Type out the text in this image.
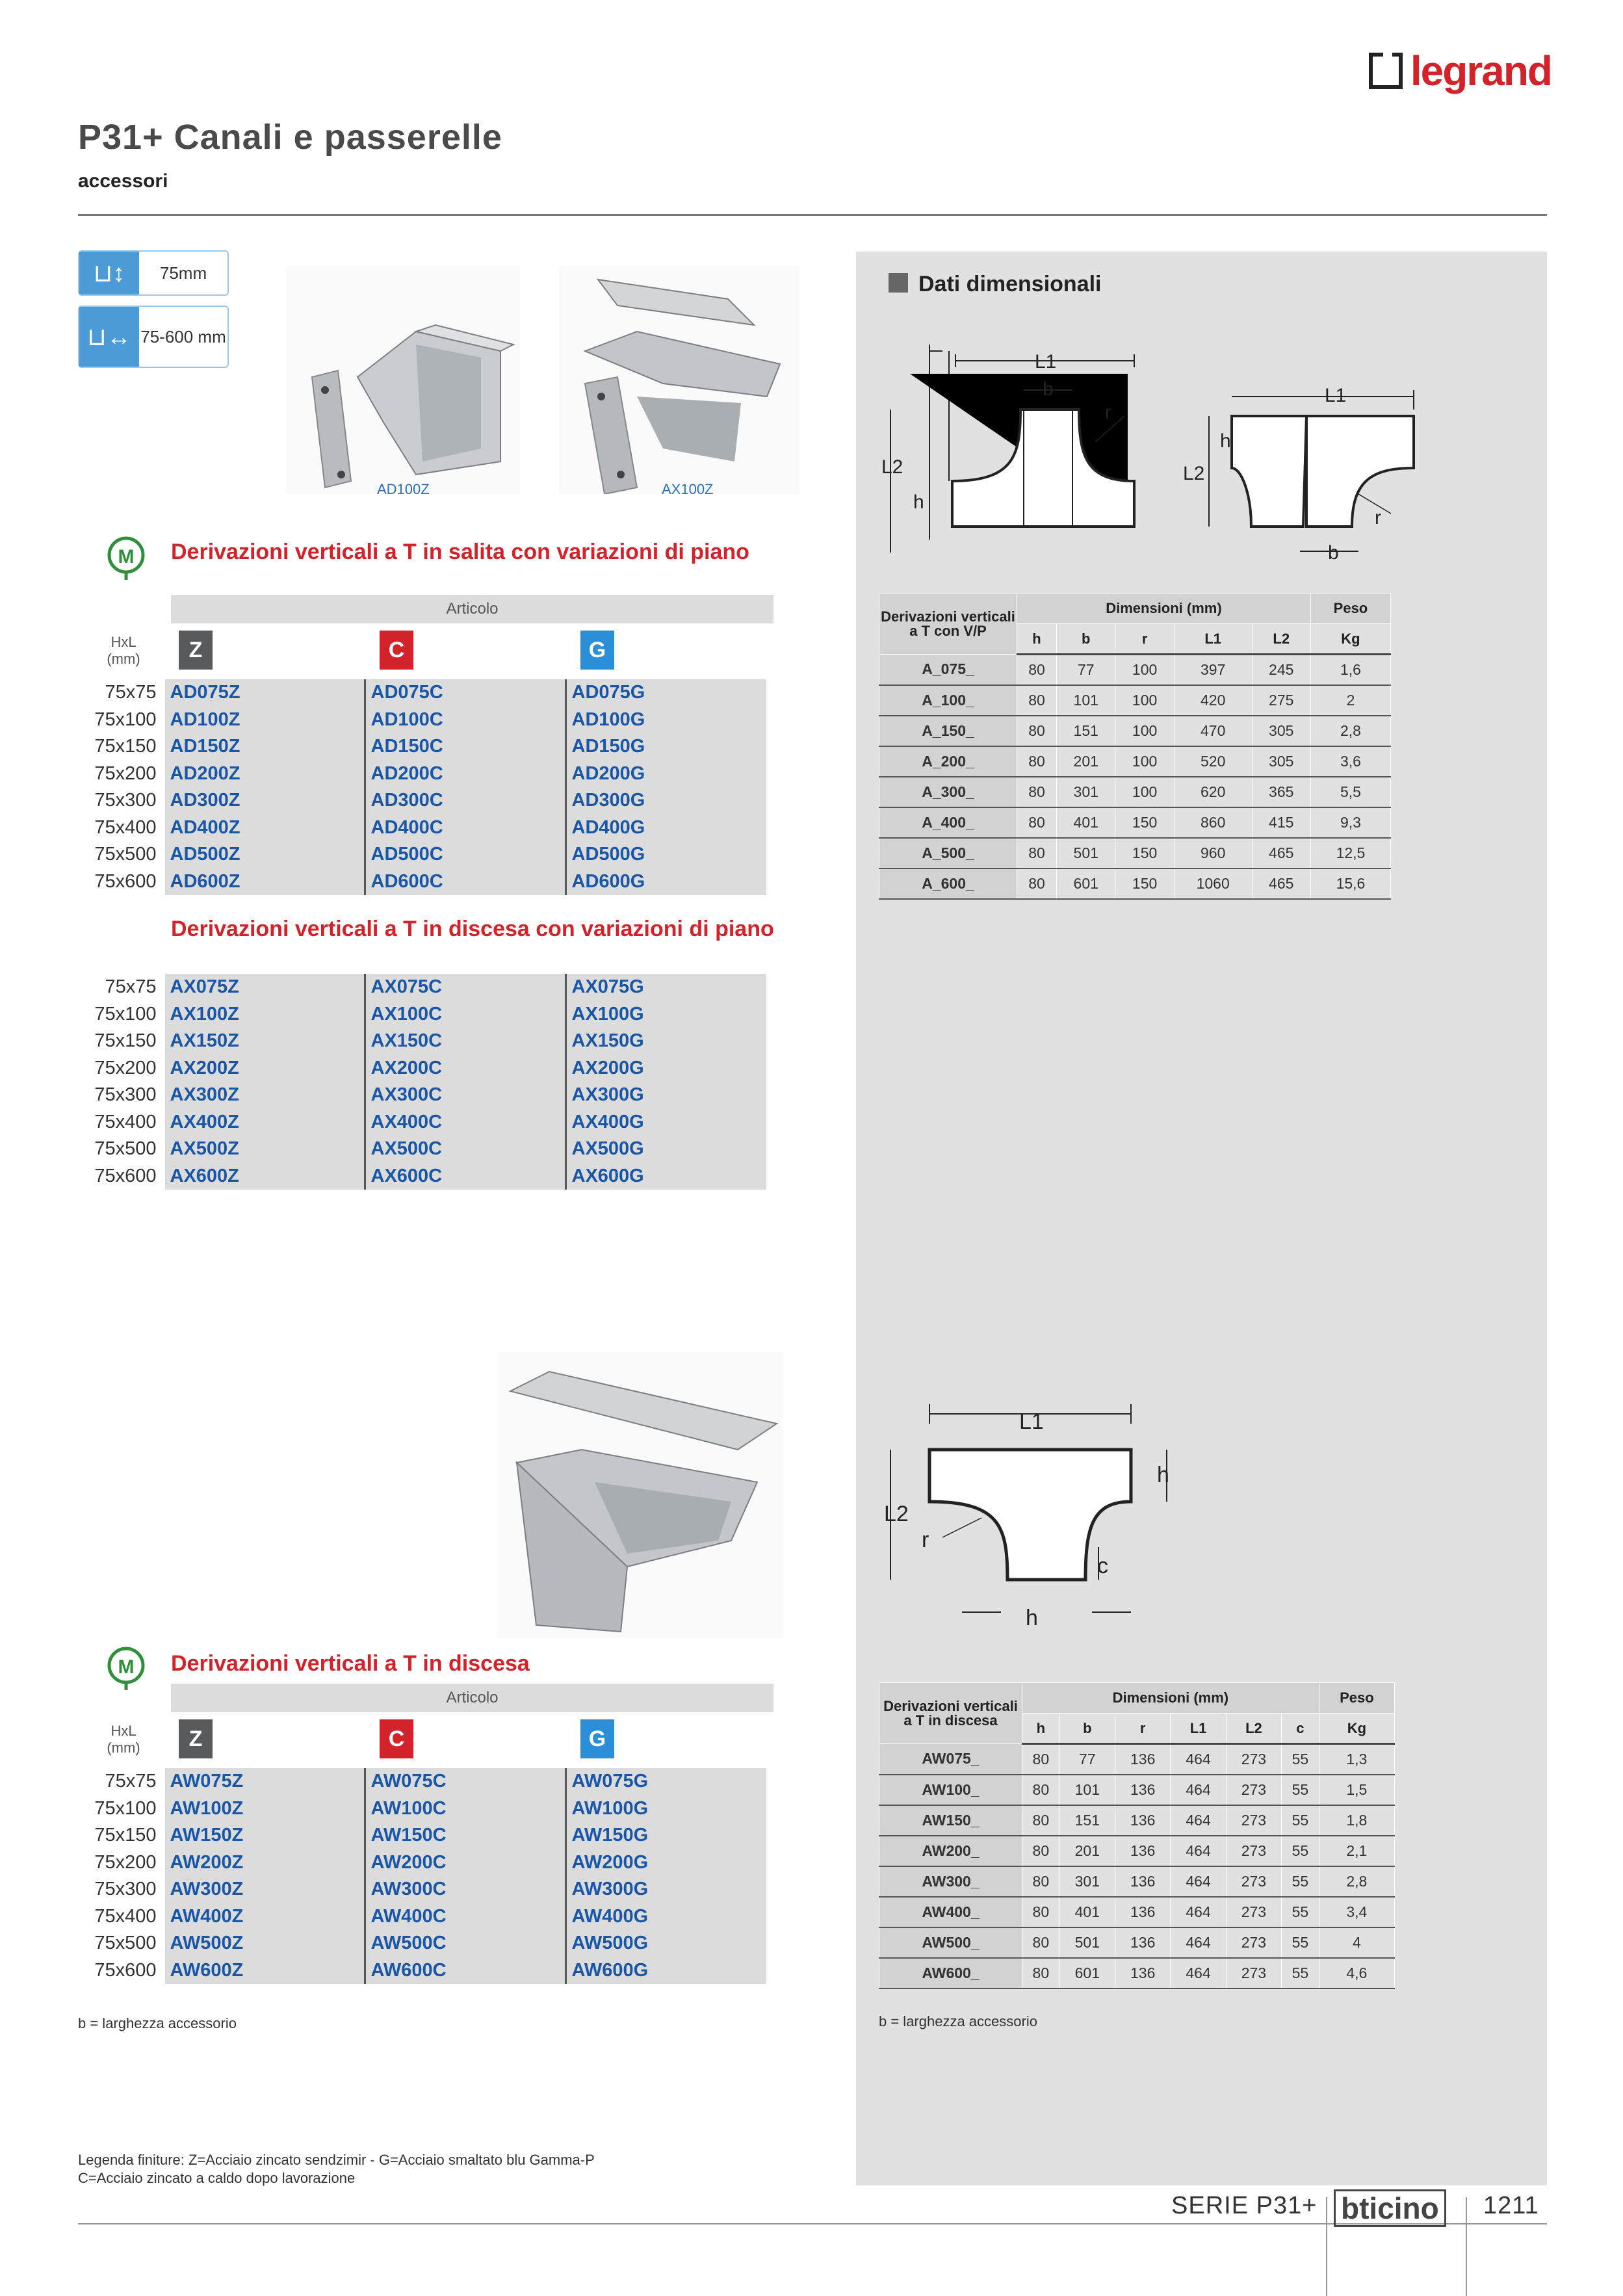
legrand
P31+ Canali e passerelle
accessori
⊔↕	75mm
⊔↔ 75-600 mm
AD100Z	AX100Z
M Derivazioni verticali a T in salita con variazioni di piano
Articolo
HxL (mm)	Z	C	G
75x75	AD075Z	AD075C	AD075G
75x100	AD100Z	AD100C	AD100G
75x150	AD150Z	AD150C	AD150G
75x200	AD200Z	AD200C	AD200G
75x300	AD300Z	AD300C	AD300G
75x400	AD400Z	AD400C	AD400G
75x500	AD500Z	AD500C	AD500G
75x600	AD600Z	AD600C	AD600G
Derivazioni verticali a T in discesa con variazioni di piano
75x75	AX075Z	AX075C	AX075G
75x100	AX100Z	AX100C	AX100G
75x150	AX150Z	AX150C	AX150G
75x200	AX200Z	AX200C	AX200G
75x300	AX300Z	AX300C	AX300G
75x400	AX400Z	AX400C	AX400G
75x500	AX500Z	AX500C	AX500G
75x600	AX600Z	AX600C	AX600G
M Derivazioni verticali a T in discesa
Articolo
HxL (mm)	Z	C	G
75x75	AW075Z	AW075C	AW075G
75x100	AW100Z	AW100C	AW100G
75x150	AW150Z	AW150C	AW150G
75x200	AW200Z	AW200C	AW200G
75x300	AW300Z	AW300C	AW300G
75x400	AW400Z	AW400C	AW400G
75x500	AW500Z	AW500C	AW500G
75x600	AW600Z	AW600C	AW600G
b = larghezza accessorio
Legenda finiture: Z=Acciaio zincato sendzimir - G=Acciaio smaltato blu Gamma-P
C=Acciaio zincato a caldo dopo lavorazione
Dati dimensionali
L1
b
r
L2
h
L1
h
L2
r
b
Derivazioni verticali a T con V/P	Dimensioni (mm)					Peso
	h	b	r	L1	L2	Kg
A_075_	80	77	100	397	245	1,6
A_100_	80	101	100	420	275	2
A_150_	80	151	100	470	305	2,8
A_200_	80	201	100	520	305	3,6
A_300_	80	301	100	620	365	5,5
A_400_	80	401	150	860	415	9,3
A_500_	80	501	150	960	465	12,5
A_600_	80	601	150	1060	465	15,6
L1
h
L2
r
c
h
Derivazioni verticali a T in discesa	Dimensioni (mm)						Peso
	h	b	r	L1	L2	c	Kg
AW075_	80	77	136	464	273	55	1,3
AW100_	80	101	136	464	273	55	1,5
AW150_	80	151	136	464	273	55	1,8
AW200_	80	201	136	464	273	55	2,1
AW300_	80	301	136	464	273	55	2,8
AW400_	80	401	136	464	273	55	3,4
AW500_	80	501	136	464	273	55	4
AW600_	80	601	136	464	273	55	4,6
b = larghezza accessorio
SERIE P31+ bticino 1211
